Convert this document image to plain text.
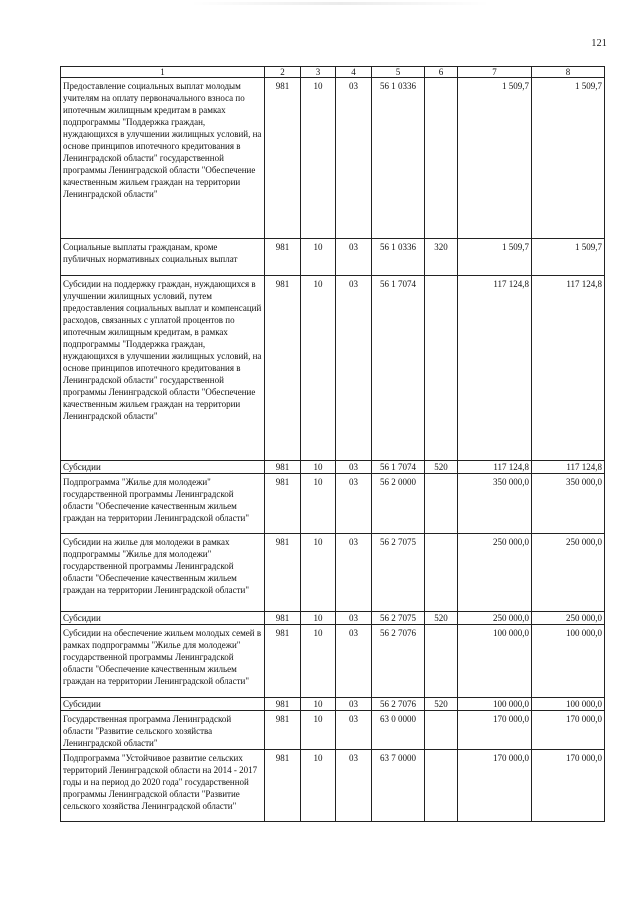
121
1	2	3	4	5	6	7	8
Предоставление социальных выплат молодым учителям на оплату первоначального взноса по ипотечным жилищным кредитам в рамках подпрограммы "Поддержка граждан, нуждающихся в улучшении жилищных условий, на основе принципов ипотечного кредитования в Ленинградской области" государственной программы Ленинградской области "Обеспечение качественным жильем граждан на территории Ленинградской области"	981	10	03	56 1 0336		1 509,7	1 509,7
Социальные выплаты гражданам, кроме публичных нормативных социальных выплат	981	10	03	56 1 0336	320	1 509,7	1 509,7
Субсидии на поддержку граждан, нуждающихся в улучшении жилищных условий, путем предоставления социальных выплат и компенсаций расходов, связанных с уплатой процентов по ипотечным жилищным кредитам, в рамках подпрограммы "Поддержка граждан, нуждающихся в улучшении жилищных условий, на основе принципов ипотечного кредитования в Ленинградской области" государственной программы Ленинградской области "Обеспечение качественным жильем граждан на территории Ленинградской области"	981	10	03	56 1 7074		117 124,8	117 124,8
Субсидии	981	10	03	56 1 7074	520	117 124,8	117 124,8
Подпрограмма "Жилье для молодежи" государственной программы Ленинградской области "Обеспечение качественным жильем граждан на территории Ленинградской области"	981	10	03	56 2 0000		350 000,0	350 000,0
Субсидии на жилье для молодежи в рамках подпрограммы "Жилье для молодежи" государственной программы Ленинградской области "Обеспечение качественным жильем граждан на территории Ленинградской области"	981	10	03	56 2 7075		250 000,0	250 000,0
Субсидии	981	10	03	56 2 7075	520	250 000,0	250 000,0
Субсидии на обеспечение жильем молодых семей в рамках подпрограммы "Жилье для молодежи" государственной программы Ленинградской области "Обеспечение качественным жильем граждан на территории Ленинградской области"	981	10	03	56 2 7076		100 000,0	100 000,0
Субсидии	981	10	03	56 2 7076	520	100 000,0	100 000,0
Государственная программа Ленинградской области "Развитие сельского хозяйства Ленинградской области"	981	10	03	63 0 0000		170 000,0	170 000,0
Подпрограмма "Устойчивое развитие сельских территорий Ленинградской области на 2014 - 2017 годы и на период до 2020 года" государственной программы Ленинградской области "Развитие сельского хозяйства Ленинградской области"	981	10	03	63 7 0000		170 000,0	170 000,0
